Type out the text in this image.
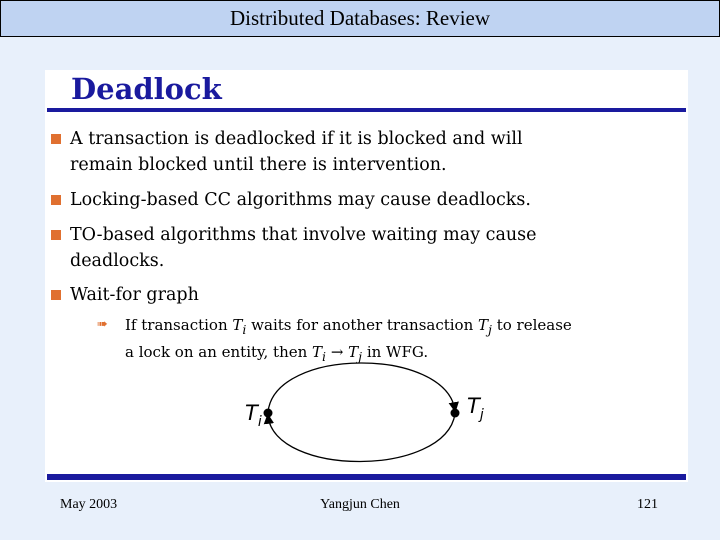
Distributed Databases: Review
Deadlock
A transaction is deadlocked if it is blocked and will
remain blocked until there is intervention.
Locking-based CC algorithms may cause deadlocks.
TO-based algorithms that involve waiting may cause
deadlocks.
Wait-for graph
➠ If transaction $T_i$ waits for another transaction $T_j$ to release
a lock on an entity, then $T_i \to T_j$ in WFG.
$T_i$
$T_j$
May 2003	Yangjun Chen	121
